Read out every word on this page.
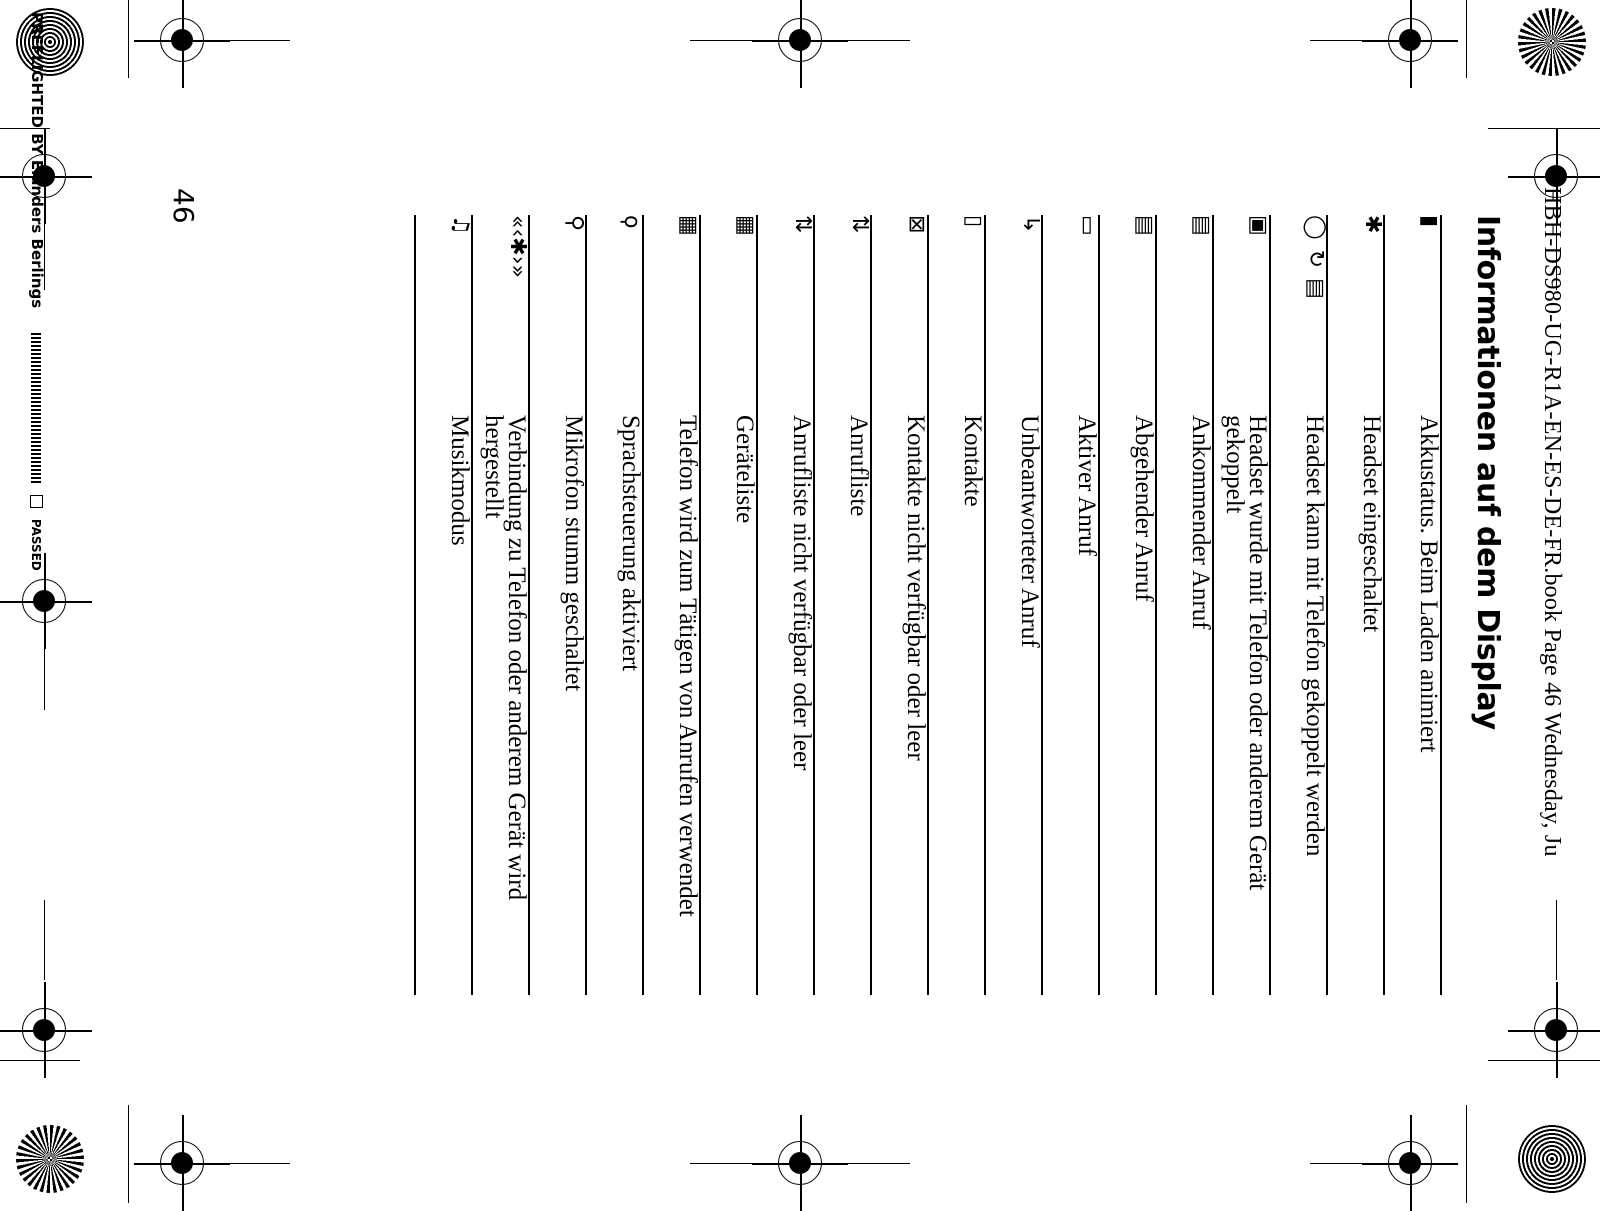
PREFLIGHTED BY Elanders Berlings   PASSED
46	HBH-DS980-UG-R1A-EN-ES-DE-FR.book Page 46 Wednesday, Ju
Informationen auf dem Display
▮	Akkustatus. Beim Laden animiert
✱	Headset eingeschaltet
◯↻▤	Headset kann mit Telefon gekoppelt werden
▣	Headset wurde mit Telefon oder anderem Gerät gekoppelt
▤	Ankommender Anruf
▤	Abgehender Anruf
▭	Aktiver Anruf
↳	Unbeantworteter Anruf
▯	Kontakte
⊠	Kontakte nicht verfügbar oder leer
⇅	Anrufliste
⇅	Anrufliste nicht verfügbar oder leer
▦	Geräteliste
▦	Telefon wird zum Tätigen von Anrufen verwendet
ϙ	Sprachsteuerung aktiviert
⚲	Mikrofon stumm geschaltet
«‹✱›»	Verbindung zu Telefon oder anderem Gerät wird hergestellt
♫	Musikmodus
